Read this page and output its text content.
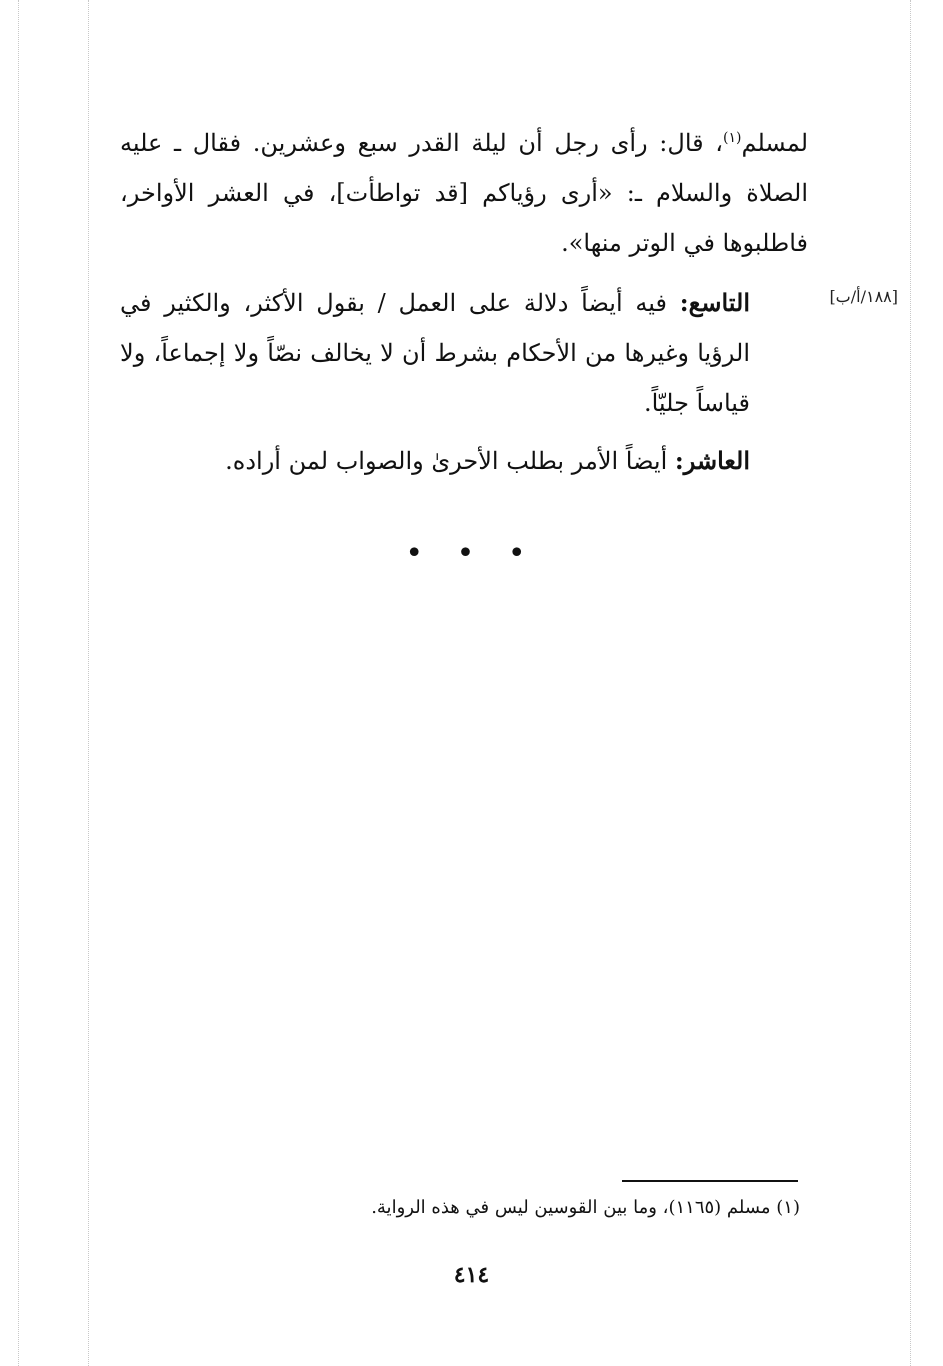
لمسلم$^{(١)}$، قال: رأى رجل أن ليلة القدر سبع وعشرين. فقال ـ عليه الصلاة والسلام ـ: «أرى رؤياكم [قد تواطأت]، في العشر الأواخر، فاطلبوها في الوتر منها».

[١٨٨/أ/ب]

التاسع: فيه أيضاً دلالة على العمل / بقول الأكثر، والكثير في الرؤيا وغيرها من الأحكام بشرط أن لا يخالف نصّاً ولا إجماعاً، ولا قياساً جليّاً.

العاشر: أيضاً الأمر بطلب الأحرىٰ والصواب لمن أراده.

• • •
(١) مسلم (١١٦٥)، وما بين القوسين ليس في هذه الرواية.
٤١٤
